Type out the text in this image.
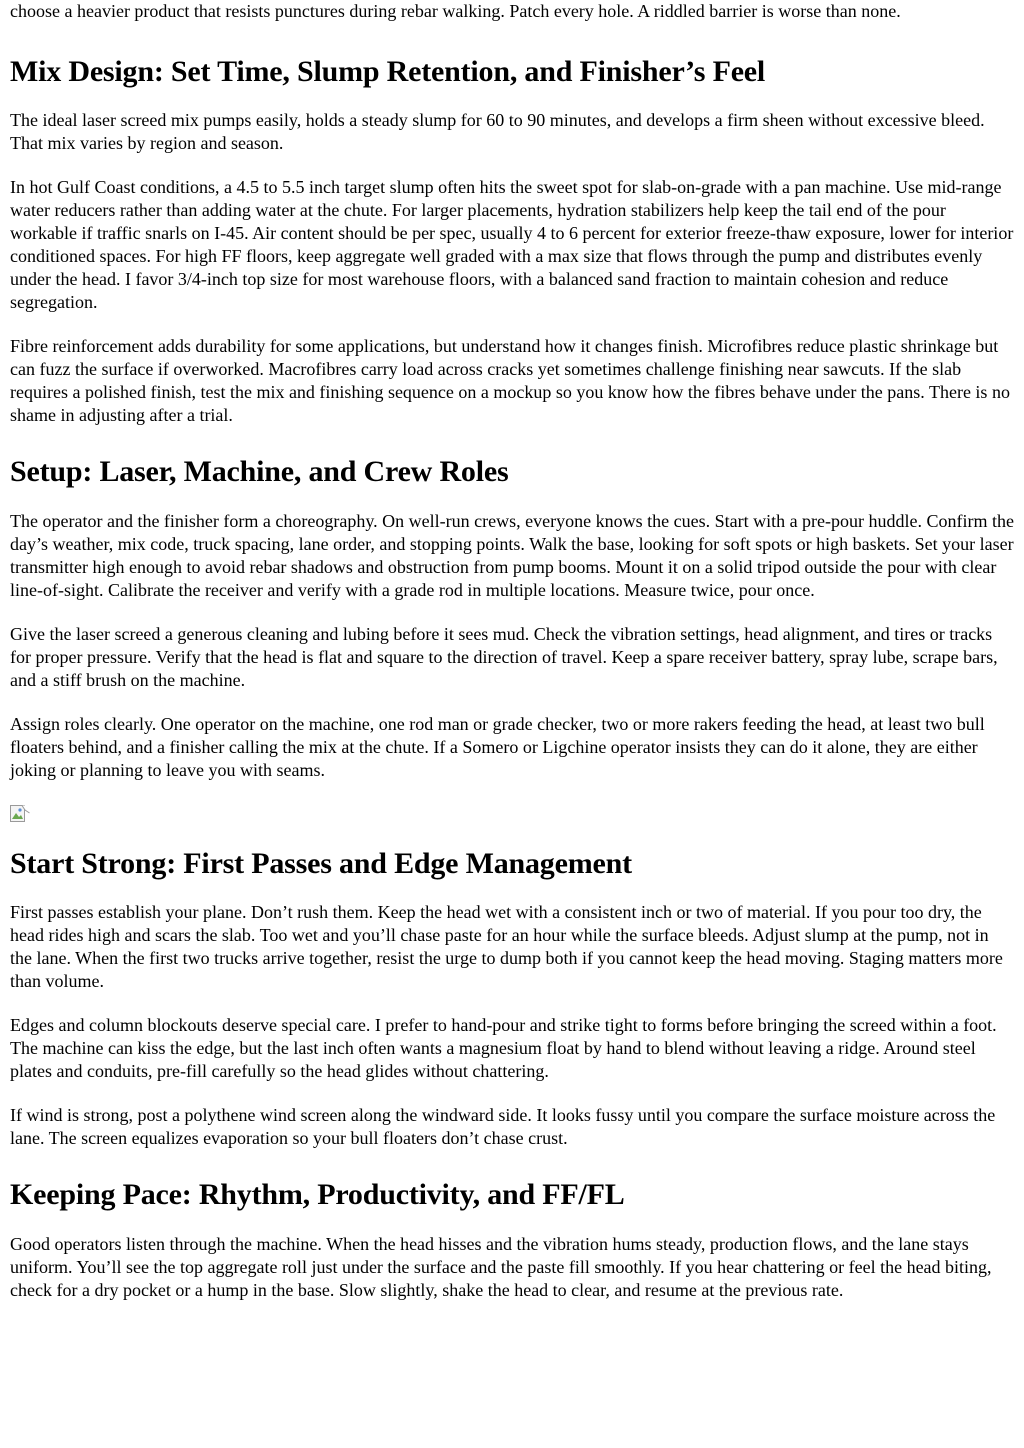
choose a heavier product that resists punctures during rebar walking. Patch every hole. A riddled barrier is worse than none.

Mix Design: Set Time, Slump Retention, and Finisher’s Feel

The ideal laser screed mix pumps easily, holds a steady slump for 60 to 90 minutes, and develops a firm sheen without excessive bleed. That mix varies by region and season.

In hot Gulf Coast conditions, a 4.5 to 5.5 inch target slump often hits the sweet spot for slab-on-grade with a pan machine. Use mid-range water reducers rather than adding water at the chute. For larger placements, hydration stabilizers help keep the tail end of the pour workable if traffic snarls on I-45. Air content should be per spec, usually 4 to 6 percent for exterior freeze-thaw exposure, lower for interior conditioned spaces. For high FF floors, keep aggregate well graded with a max size that flows through the pump and distributes evenly under the head. I favor 3/4-inch top size for most warehouse floors, with a balanced sand fraction to maintain cohesion and reduce segregation.

Fibre reinforcement adds durability for some applications, but understand how it changes finish. Microfibres reduce plastic shrinkage but can fuzz the surface if overworked. Macrofibres carry load across cracks yet sometimes challenge finishing near sawcuts. If the slab requires a polished finish, test the mix and finishing sequence on a mockup so you know how the fibres behave under the pans. There is no shame in adjusting after a trial.

Setup: Laser, Machine, and Crew Roles

The operator and the finisher form a choreography. On well-run crews, everyone knows the cues. Start with a pre-pour huddle. Confirm the day’s weather, mix code, truck spacing, lane order, and stopping points. Walk the base, looking for soft spots or high baskets. Set your laser transmitter high enough to avoid rebar shadows and obstruction from pump booms. Mount it on a solid tripod outside the pour with clear line-of-sight. Calibrate the receiver and verify with a grade rod in multiple locations. Measure twice, pour once.

Give the laser screed a generous cleaning and lubing before it sees mud. Check the vibration settings, head alignment, and tires or tracks for proper pressure. Verify that the head is flat and square to the direction of travel. Keep a spare receiver battery, spray lube, scrape bars, and a stiff brush on the machine.

Assign roles clearly. One operator on the machine, one rod man or grade checker, two or more rakers feeding the head, at least two bull floaters behind, and a finisher calling the mix at the chute. If a Somero or Ligchine operator insists they can do it alone, they are either joking or planning to leave you with seams.

Start Strong: First Passes and Edge Management

First passes establish your plane. Don’t rush them. Keep the head wet with a consistent inch or two of material. If you pour too dry, the head rides high and scars the slab. Too wet and you’ll chase paste for an hour while the surface bleeds. Adjust slump at the pump, not in the lane. When the first two trucks arrive together, resist the urge to dump both if you cannot keep the head moving. Staging matters more than volume.

Edges and column blockouts deserve special care. I prefer to hand-pour and strike tight to forms before bringing the screed within a foot. The machine can kiss the edge, but the last inch often wants a magnesium float by hand to blend without leaving a ridge. Around steel plates and conduits, pre-fill carefully so the head glides without chattering.

If wind is strong, post a polythene wind screen along the windward side. It looks fussy until you compare the surface moisture across the lane. The screen equalizes evaporation so your bull floaters don’t chase crust.

Keeping Pace: Rhythm, Productivity, and FF/FL

Good operators listen through the machine. When the head hisses and the vibration hums steady, production flows, and the lane stays uniform. You’ll see the top aggregate roll just under the surface and the paste fill smoothly. If you hear chattering or feel the head biting, check for a dry pocket or a hump in the base. Slow slightly, shake the head to clear, and resume at the previous rate.
